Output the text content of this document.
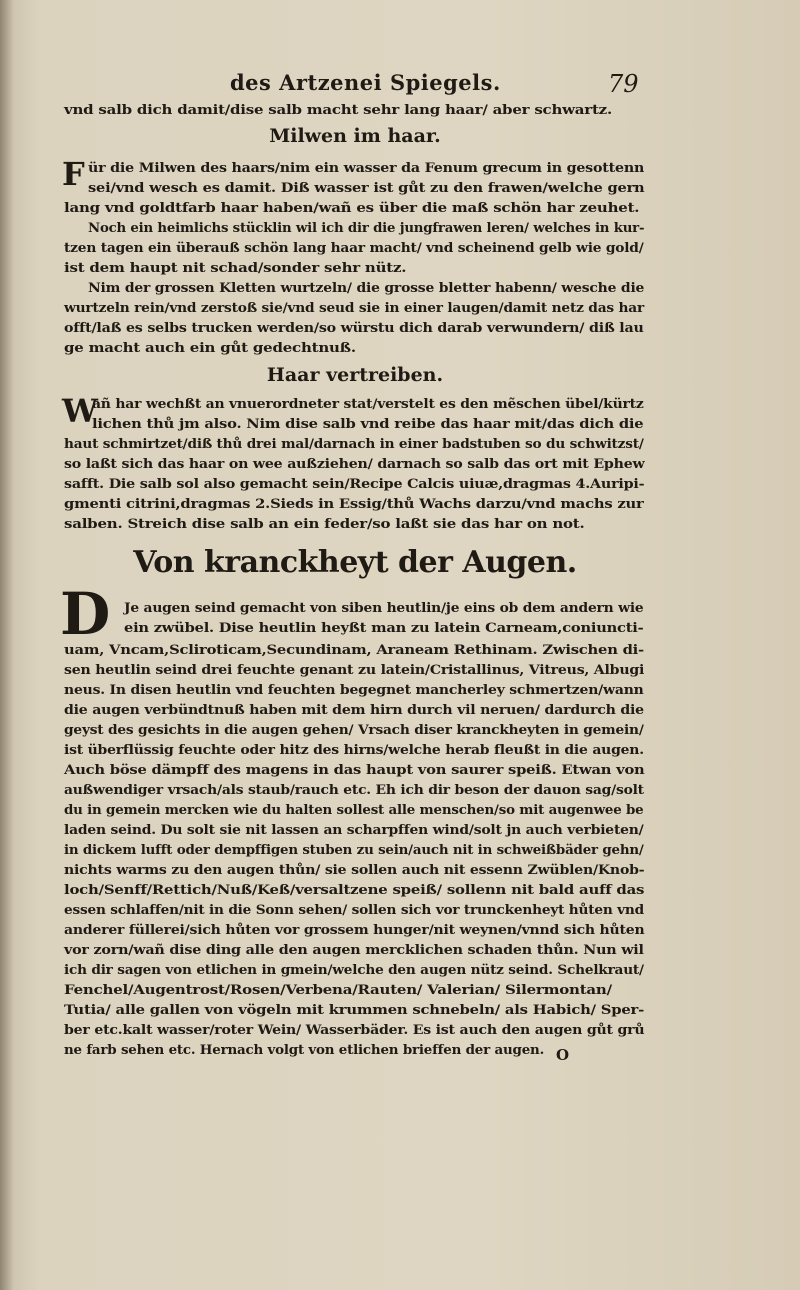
des Artzenei Spiegels.	79
vnd salb dich damit/dise salb macht sehr lang haar/ aber schwartz.
Milwen im haar.
F ür die Milwen des haars/nim ein wasser da Fenum grecum in gesottenn
sei/vnd wesch es damit. Diß wasser ist gůt zu den frawen/welche gern
lang vnd goldtfarb haar haben/wañ es über die maß schön har zeuhet.
Noch ein heimlichs stücklin wil ich dir die jungfrawen leren/ welches in kur-
tzen tagen ein überauß schön lang haar macht/ vnd scheinend gelb wie gold/
ist dem haupt nit schad/sonder sehr nütz.
Nim der grossen Kletten wurtzeln/ die grosse bletter habenn/ wesche die
wurtzeln rein/vnd zerstoß sie/vnd seud sie in einer laugen/damit netz das har
offt/laß es selbs trucken werden/so würstu dich darab verwundern/ diß lau
ge macht auch ein gůt gedechtnuß.
Haar vertreiben.
W
añ har wechßt an vnuerordneter stat/verstelt es den mẽschen übel/kürtz
lichen thů jm also. Nim dise salb vnd reibe das haar mit/das dich die
haut schmirtzet/diß thů drei mal/darnach in einer badstuben so du schwitzst/
so laßt sich das haar on wee außziehen/ darnach so salb das ort mit Ephew
safft. Die salb sol also gemacht sein/Recipe Calcis uiuæ,dragmas 4.Auripi-
gmenti citrini,dragmas 2.Sieds in Essig/thů Wachs darzu/vnd machs zur
salben. Streich dise salb an ein feder/so laßt sie das har on not.
Von kranckheyt der Augen.
D	Je augen seind gemacht von siben heutlin/je eins ob dem andern wie
ein zwübel. Dise heutlin heyßt man zu latein Carneam,coniuncti-
uam, Vncam,Scliroticam,Secundinam, Araneam Rethinam. Zwischen di-
sen heutlin seind drei feuchte genant zu latein/Cristallinus, Vitreus, Albugi
neus. In disen heutlin vnd feuchten begegnet mancherley schmertzen/wann
die augen verbündtnuß haben mit dem hirn durch vil neruen/ dardurch die
geyst des gesichts in die augen gehen/ Vrsach diser kranckheyten in gemein/
ist überflüssig feuchte oder hitz des hirns/welche herab fleußt in die augen.
Auch böse dämpff des magens in das haupt von saurer speiß. Etwan von
außwendiger vrsach/als staub/rauch etc. Eh ich dir beson der dauon sag/solt
du in gemein mercken wie du halten sollest alle menschen/so mit augenwee be
laden seind. Du solt sie nit lassen an scharpffen wind/solt jn auch verbieten/
in dickem lufft oder dempffigen stuben zu sein/auch nit in schweißbäder gehn/
nichts warms zu den augen thůn/ sie sollen auch nit essenn Zwüblen/Knob-
loch/Senff/Rettich/Nuß/Keß/versaltzene speiß/ sollenn nit bald auff das
essen schlaffen/nit in die Sonn sehen/ sollen sich vor trunckenheyt hůten vnd
anderer füllerei/sich hůten vor grossem hunger/nit weynen/vnnd sich hůten
vor zorn/wañ dise ding alle den augen mercklichen schaden thůn. Nun wil
ich dir sagen von etlichen in gmein/welche den augen nütz seind. Schelkraut/
Fenchel/Augentrost/Rosen/Verbena/Rauten/ Valerian/ Silermontan/
Tutia/ alle gallen von vögeln mit krummen schnebeln/ als Habich/ Sper-
ber etc.kalt wasser/roter Wein/ Wasserbäder. Es ist auch den augen gůt grů
ne farb sehen etc. Hernach volgt von etlichen brieffen der augen. O
